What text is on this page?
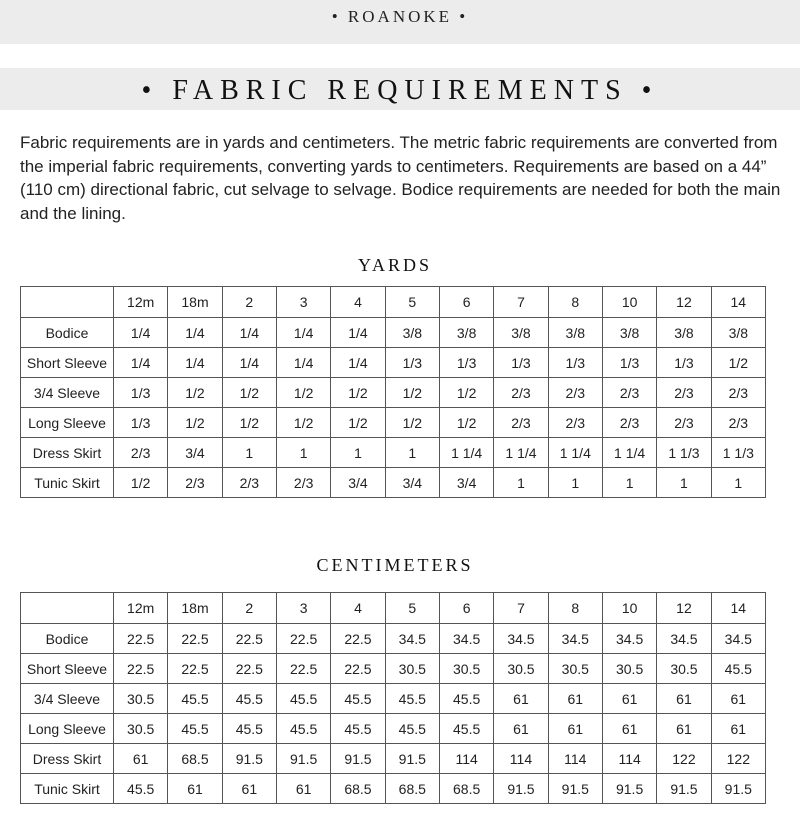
• ROANOKE •
• FABRIC REQUIREMENTS •

Fabric requirements are in yards and centimeters. The metric fabric requirements are converted from the imperial fabric requirements, converting yards to centimeters. Requirements are based on a 44” (110 cm) directional fabric, cut selvage to selvage. Bodice requirements are needed for both the main and the lining.

YARDS
	12m	18m	2	3	4	5	6	7	8	10	12	14
Bodice	1/4	1/4	1/4	1/4	1/4	3/8	3/8	3/8	3/8	3/8	3/8	3/8
Short Sleeve	1/4	1/4	1/4	1/4	1/4	1/3	1/3	1/3	1/3	1/3	1/3	1/2
3/4 Sleeve	1/3	1/2	1/2	1/2	1/2	1/2	1/2	2/3	2/3	2/3	2/3	2/3
Long Sleeve	1/3	1/2	1/2	1/2	1/2	1/2	1/2	2/3	2/3	2/3	2/3	2/3
Dress Skirt	2/3	3/4	1	1	1	1	1 1/4	1 1/4	1 1/4	1 1/4	1 1/3	1 1/3
Tunic Skirt	1/2	2/3	2/3	2/3	3/4	3/4	3/4	1	1	1	1	1
CENTIMETERS
	12m	18m	2	3	4	5	6	7	8	10	12	14
Bodice	22.5	22.5	22.5	22.5	22.5	34.5	34.5	34.5	34.5	34.5	34.5	34.5
Short Sleeve	22.5	22.5	22.5	22.5	22.5	30.5	30.5	30.5	30.5	30.5	30.5	45.5
3/4 Sleeve	30.5	45.5	45.5	45.5	45.5	45.5	45.5	61	61	61	61	61
Long Sleeve	30.5	45.5	45.5	45.5	45.5	45.5	45.5	61	61	61	61	61
Dress Skirt	61	68.5	91.5	91.5	91.5	91.5	114	114	114	114	122	122
Tunic Skirt	45.5	61	61	61	68.5	68.5	68.5	91.5	91.5	91.5	91.5	91.5
